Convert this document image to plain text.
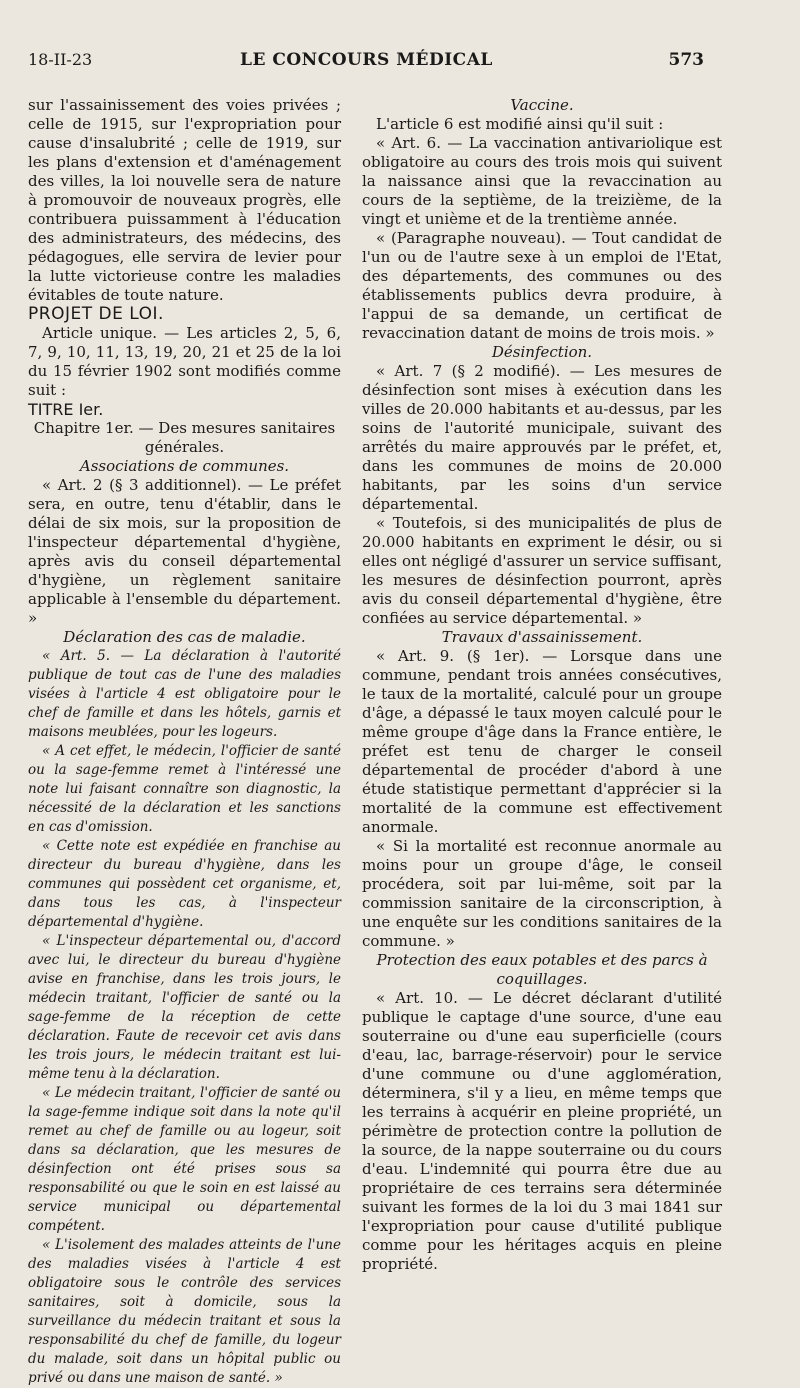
18-II-23	LE CONCOURS MÉDICAL	573

sur l'assainissement des voies privées ; celle de 1915, sur l'expropriation pour cause d'insalubrité ; celle de 1919, sur les plans d'extension et d'aménagement des villes, la loi nouvelle sera de nature à promouvoir de nouveaux progrès, elle contribuera puissamment à l'éducation des administrateurs, des médecins, des pédagogues, elle servira de levier pour la lutte victorieuse contre les maladies évitables de toute nature.

PROJET DE LOI.

Article unique. — Les articles 2, 5, 6, 7, 9, 10, 11, 13, 19, 20, 21 et 25 de la loi du 15 février 1902 sont modifiés comme suit :

TITRE Ier.

Chapitre 1er. — Des mesures sanitaires générales.

Associations de communes.

« Art. 2 (§ 3 additionnel). — Le préfet sera, en outre, tenu d'établir, dans le délai de six mois, sur la proposition de l'inspecteur départemental d'hygiène, après avis du conseil départemental d'hygiène, un règlement sanitaire applicable à l'ensemble du département. »

Déclaration des cas de maladie.

« Art. 5. — La déclaration à l'autorité publique de tout cas de l'une des maladies visées à l'article 4 est obligatoire pour le chef de famille et dans les hôtels, garnis et maisons meublées, pour les logeurs.

« A cet effet, le médecin, l'officier de santé ou la sage-femme remet à l'intéressé une note lui faisant connaître son diagnostic, la nécessité de la déclaration et les sanctions en cas d'omission.

« Cette note est expédiée en franchise au directeur du bureau d'hygiène, dans les communes qui possèdent cet organisme, et, dans tous les cas, à l'inspecteur départemental d'hygiène.

« L'inspecteur départemental ou, d'accord avec lui, le directeur du bureau d'hygiène avise en franchise, dans les trois jours, le médecin traitant, l'officier de santé ou la sage-femme de la réception de cette déclaration. Faute de recevoir cet avis dans les trois jours, le médecin traitant est lui-même tenu à la déclaration.

« Le médecin traitant, l'officier de santé ou la sage-femme indique soit dans la note qu'il remet au chef de famille ou au logeur, soit dans sa déclaration, que les mesures de désinfection ont été prises sous sa responsabilité ou que le soin en est laissé au service municipal ou départemental compétent.

« L'isolement des malades atteints de l'une des maladies visées à l'article 4 est obligatoire sous le contrôle des services sanitaires, soit à domicile, sous la surveillance du médecin traitant et sous la responsabilité du chef de famille, du logeur du malade, soit dans un hôpital public ou privé ou dans une maison de santé. »

Vaccine.

L'article 6 est modifié ainsi qu'il suit :

« Art. 6. — La vaccination antivariolique est obligatoire au cours des trois mois qui suivent la naissance ainsi que la revaccination au cours de la septième, de la treizième, de la vingt et unième et de la trentième année.

« (Paragraphe nouveau). — Tout candidat de l'un ou de l'autre sexe à un emploi de l'Etat, des départements, des communes ou des établissements publics devra produire, à l'appui de sa demande, un certificat de revaccination datant de moins de trois mois. »

Désinfection.

« Art. 7 (§ 2 modifié). — Les mesures de désinfection sont mises à exécution dans les villes de 20.000 habitants et au-dessus, par les soins de l'autorité municipale, suivant des arrêtés du maire approuvés par le préfet, et, dans les communes de moins de 20.000 habitants, par les soins d'un service départemental.

« Toutefois, si des municipalités de plus de 20.000 habitants en expriment le désir, ou si elles ont négligé d'assurer un service suffisant, les mesures de désinfection pourront, après avis du conseil départemental d'hygiène, être confiées au service départemental. »

Travaux d'assainissement.

« Art. 9. (§ 1er). — Lorsque dans une commune, pendant trois années consécutives, le taux de la mortalité, calculé pour un groupe d'âge, a dépassé le taux moyen calculé pour le même groupe d'âge dans la France entière, le préfet est tenu de charger le conseil départemental de procéder d'abord à une étude statistique permettant d'apprécier si la mortalité de la commune est effectivement anormale.

« Si la mortalité est reconnue anormale au moins pour un groupe d'âge, le conseil procédera, soit par lui-même, soit par la commission sanitaire de la circonscription, à une enquête sur les conditions sanitaires de la commune. »

Protection des eaux potables et des parcs à coquillages.

« Art. 10. — Le décret déclarant d'utilité publique le captage d'une source, d'une eau souterraine ou d'une eau superficielle (cours d'eau, lac, barrage-réservoir) pour le service d'une commune ou d'une agglomération, déterminera, s'il y a lieu, en même temps que les terrains à acquérir en pleine propriété, un périmètre de protection contre la pollution de la source, de la nappe souterraine ou du cours d'eau. L'indemnité qui pourra être due au propriétaire de ces terrains sera déterminée suivant les formes de la loi du 3 mai 1841 sur l'expropriation pour cause d'utilité publique comme pour les héritages acquis en pleine propriété.
